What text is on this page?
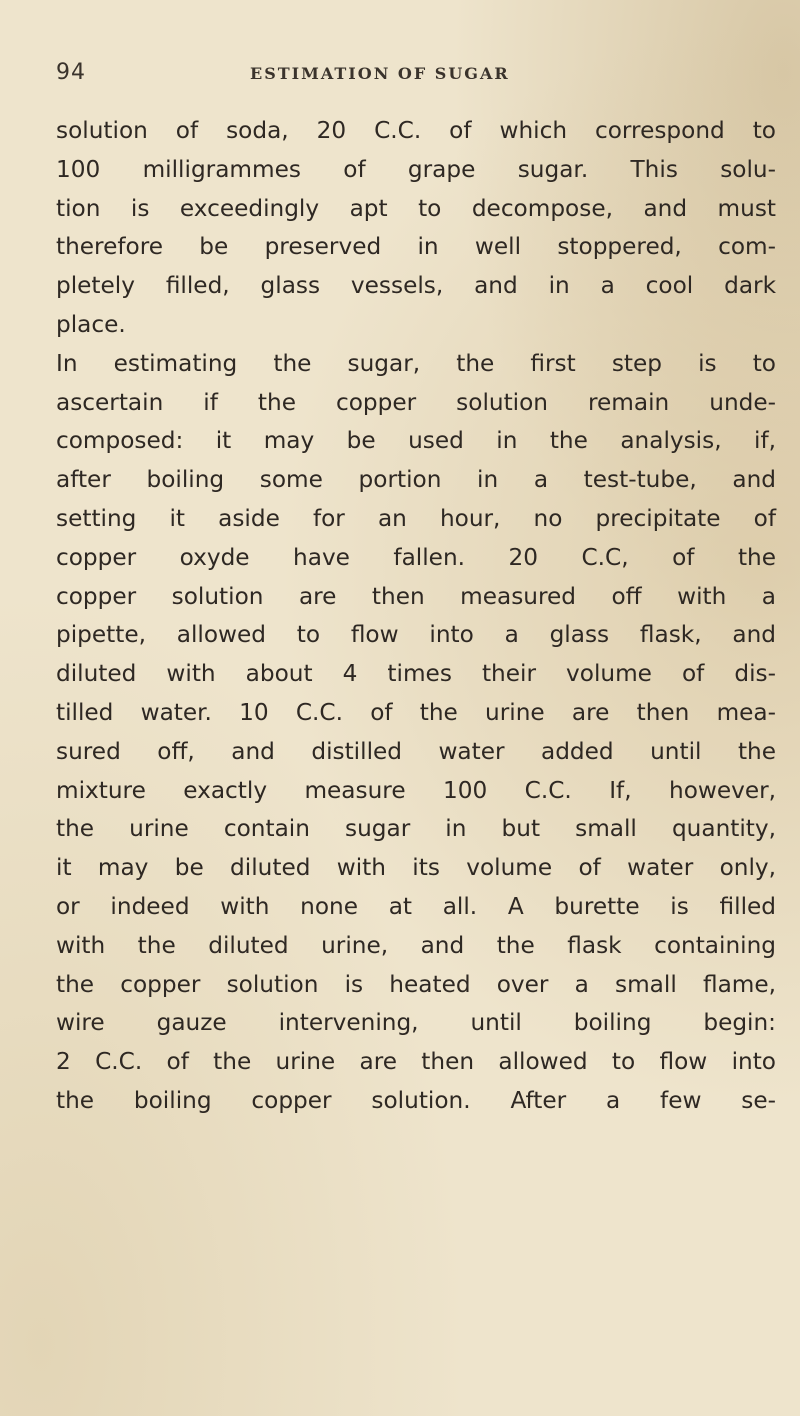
94	ESTIMATION OF SUGAR
solution of soda, 20 C.C. of which correspond to
100 milligrammes of grape sugar. This solu-
tion is exceedingly apt to decompose, and must
therefore be preserved in well stoppered, com-
pletely filled, glass vessels, and in a cool dark
place.
In estimating the sugar, the first step is to
ascertain if the copper solution remain unde-
composed: it may be used in the analysis, if,
after boiling some portion in a test-tube, and
setting it aside for an hour, no precipitate of
copper oxyde have fallen. 20 C.C, of the
copper solution are then measured off with a
pipette, allowed to flow into a glass flask, and
diluted with about 4 times their volume of dis-
tilled water. 10 C.C. of the urine are then mea-
sured off, and distilled water added until the
mixture exactly measure 100 C.C. If, however,
the urine contain sugar in but small quantity,
it may be diluted with its volume of water only,
or indeed with none at all. A burette is filled
with the diluted urine, and the flask containing
the copper solution is heated over a small flame,
wire gauze intervening, until boiling begin:
2 C.C. of the urine are then allowed to flow into
the boiling copper solution. After a few se-
